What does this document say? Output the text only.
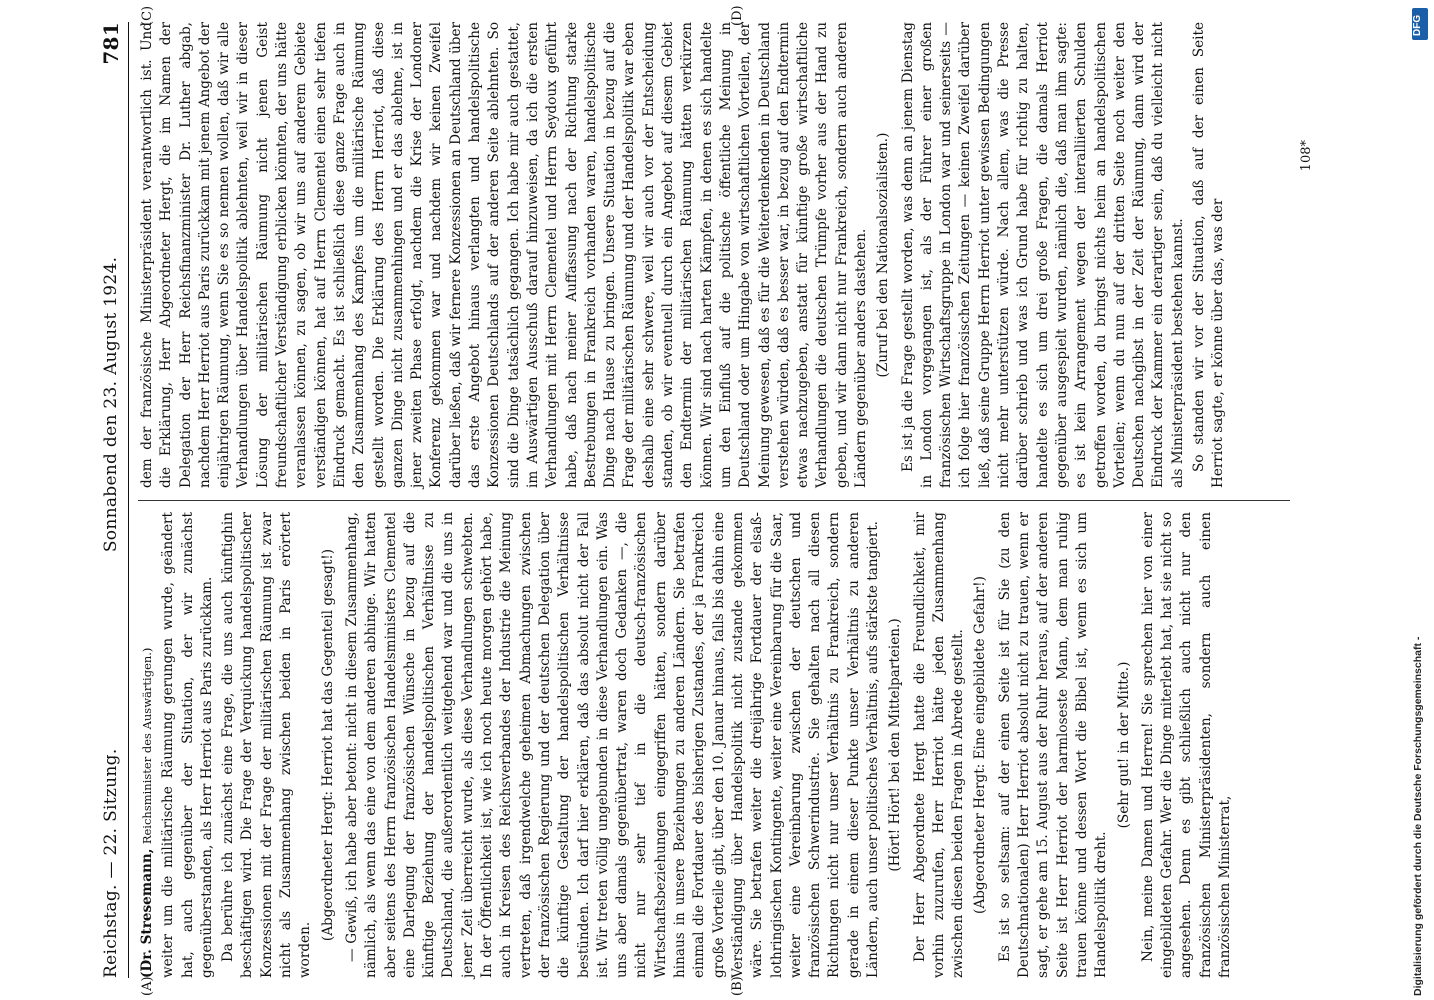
Reichstag. — 22. Sitzung.
Sonnabend den 23. August 1924.
781

(Dr. Stresemann, Reichsminister des Auswärtigen.) weiter um die militärische Räumung gerungen wurde, geändert hat, auch gegenüber der Situation, der wir zunächst gegenüberstanden, als Herr Herriot aus Paris zurückkam. Da berühre ich zunächst eine Frage, die uns auch künftighin beschäftigen wird. Die Frage der Verquickung handelspolitischer Konzessionen mit der Frage der militärischen Räumung ist zwar nicht als Zusammenhang zwischen beiden in Paris erörtert worden.

(Abgeordneter Hergt: Herriot hat das Gegenteil gesagt!) — Gewiß, ich habe aber betont: nicht in diesem Zusammenhang, nämlich, als wenn das eine von dem anderen abhinge. Wir hatten aber seitens des Herrn französischen Handelsministers Clementel eine Darlegung der französischen Wünsche in bezug auf die künftige Beziehung der handelspolitischen Verhältnisse zu Deutschland, die außerordentlich weitgehend war und die uns in jener Zeit überreicht wurde, als diese Verhandlungen schwebten. In der Öffentlichkeit ist, wie ich noch heute morgen gehört habe, auch in Kreisen des Reichsverbandes der Industrie die Meinung vertreten, daß irgendwelche geheimen Abmachungen zwischen der französischen Regierung und der deutschen Delegation über die künftige Gestaltung der handelspolitischen Verhältnisse bestünden. Ich darf hier erklären, daß das absolut nicht der Fall ist. Wir treten völlig ungebunden in diese Verhandlungen ein. Was uns aber damals gegenübertrat, waren doch Gedanken —, die nicht nur sehr tief in die deutsch-französischen Wirtschaftsbeziehungen eingegriffen hätten, sondern darüber hinaus in unsere Beziehungen zu anderen Ländern. Sie betrafen einmal die Fortdauer des bisherigen Zustandes, der ja Frankreich große Vorteile gibt, über den 10. Januar hinaus, falls bis dahin eine Verständigung über Handelspolitik nicht zustande gekommen wäre. Sie betrafen weiter die dreijährige Fortdauer der elsaß-lothringischen Kontingente, weiter eine Vereinbarung für die Saar, weiter eine Vereinbarung zwischen der deutschen und französischen Schwerindustrie. Sie gehalten nach all diesen Richtungen nicht nur unser Verhältnis zu Frankreich, sondern gerade in einem dieser Punkte unser Verhältnis zu anderen Ländern, auch unser politisches Verhältnis, aufs stärkste tangiert. (Hört! Hört! bei den Mittelparteien.) Der Herr Abgeordnete Hergt hatte die Freundlichkeit, mir vorhin zuzurufen, Herr Herriot hätte jeden Zusammenhang zwischen diesen beiden Fragen in Abrede gestellt. (Abgeordneter Hergt: Eine eingebildete Gefahr!) Es ist so seltsam: auf der einen Seite ist für Sie (zu den Deutschnationalen) Herr Herriot absolut nicht zu trauen, wenn er sagt, er gehe am 15. August aus der Ruhr heraus, auf der anderen Seite ist Herr Herriot der harmloseste Mann, dem man ruhig trauen könne und dessen Wort die Bibel ist, wenn es sich um Handelspolitik dreht.

(Sehr gut! in der Mitte.) Nein, meine Damen und Herren! Sie sprechen hier von einer eingebildeten Gefahr. Wer die Dinge miterlebt hat, hat sie nicht so angesehen. Denn es gibt schließlich auch nicht nur den französischen Ministerpräsidenten, sondern auch einen französischen Ministerrat,

dem der französische Ministerpräsident verantwortlich ist. Und die Erklärung, Herr Abgeordneter Hergt, die im Namen der Delegation der Herr Reichsfinanzminister Dr. Luther abgab, nachdem Herr Herriot aus Paris zurückkam mit jenem Angebot der einjährigen Räumung, wenn Sie es so nennen wollen, daß wir alle Verhandlungen über Handelspolitik ablehnten, weil wir in dieser Lösung der militärischen Räumung nicht jenen Geist freundschaftlicher Verständigung erblicken könnten, der uns hätte veranlassen können, zu sagen, ob wir uns auf anderem Gebiete verständigen können, hat auf Herrn Clementel einen sehr tiefen Eindruck gemacht. Es ist schließlich diese ganze Frage auch in den Zusammenhang des Kampfes um die militärische Räumung gestellt worden. Die Erklärung des Herrn Herriot, daß diese ganzen Dinge nicht zusammenhingen und er das ablehne, ist in jener zweiten Phase erfolgt, nachdem die Krise der Londoner Konferenz gekommen war und nachdem wir keinen Zweifel darüber ließen, daß wir fernere Konzessionen an Deutschland über das erste Angebot hinaus verlangten und handelspolitische Konzessionen Deutschlands auf der anderen Seite ablehnten. So sind die Dinge tatsächlich gegangen. Ich habe mir auch gestattet, im Auswärtigen Ausschuß darauf hinzuweisen, da ich die ersten Verhandlungen mit Herrn Clementel und Herrn Seydoux geführt habe, daß nach meiner Auffassung nach der Richtung starke Bestrebungen in Frankreich vorhanden waren, handelspolitische Dinge nach Hause zu bringen. Unsere Situation in bezug auf die Frage der militärischen Räumung und der Handelspolitik war eben deshalb eine sehr schwere, weil wir auch vor der Entscheidung standen, ob wir eventuell durch ein Angebot auf diesem Gebiet den Endtermin der militärischen Räumung hätten verkürzen können. Wir sind nach harten Kämpfen, in denen es sich handelte um den Einfluß auf die politische öffentliche Meinung in Deutschland oder um Hingabe von wirtschaftlichen Vorteilen, der Meinung gewesen, daß es für die Weiterdenkenden in Deutschland verstehen würden, daß es besser war, in bezug auf den Endtermin etwas nachzugeben, anstatt für künftige große wirtschaftliche Verhandlungen die deutschen Trümpfe vorher aus der Hand zu geben, und wir dann nicht nur Frankreich, sondern auch anderen Ländern gegenüber anders dastehen. (Zuruf bei den Nationalsozialisten.) Es ist ja die Frage gestellt worden, was denn an jenem Dienstag in London vorgegangen ist, als der Führer einer großen französischen Wirtschaftsgruppe in London war und seinerseits — ich folge hier französischen Zeitungen — keinen Zweifel darüber ließ, daß seine Gruppe Herrn Herriot unter gewissen Bedingungen nicht mehr unterstützen würde. Nach allem, was die Presse darüber schrieb und was ich Grund habe für richtig zu halten, handelte es sich um drei große Fragen, die damals Herriot gegenüber ausgespielt wurden, nämlich die, daß man ihm sagte: es ist kein Arrangement wegen der interalliierten Schulden getroffen worden, du bringst nichts heim an handelspolitischen Vorteilen; wenn du nun auf der dritten Seite noch weiter den Deutschen nachgibst in der Zeit der Räumung, dann wird der Eindruck der Kammer ein derartiger sein, daß du vielleicht nicht als Ministerpräsident bestehen kannst. So standen wir vor der Situation, daß auf der einen Seite Herriot sagte, er könne über das, was der

(A)	(B)
(C)	(D)
108*
DFG
Digitalisierung gefördert durch die Deutsche Forschungsgemeinschaft -
